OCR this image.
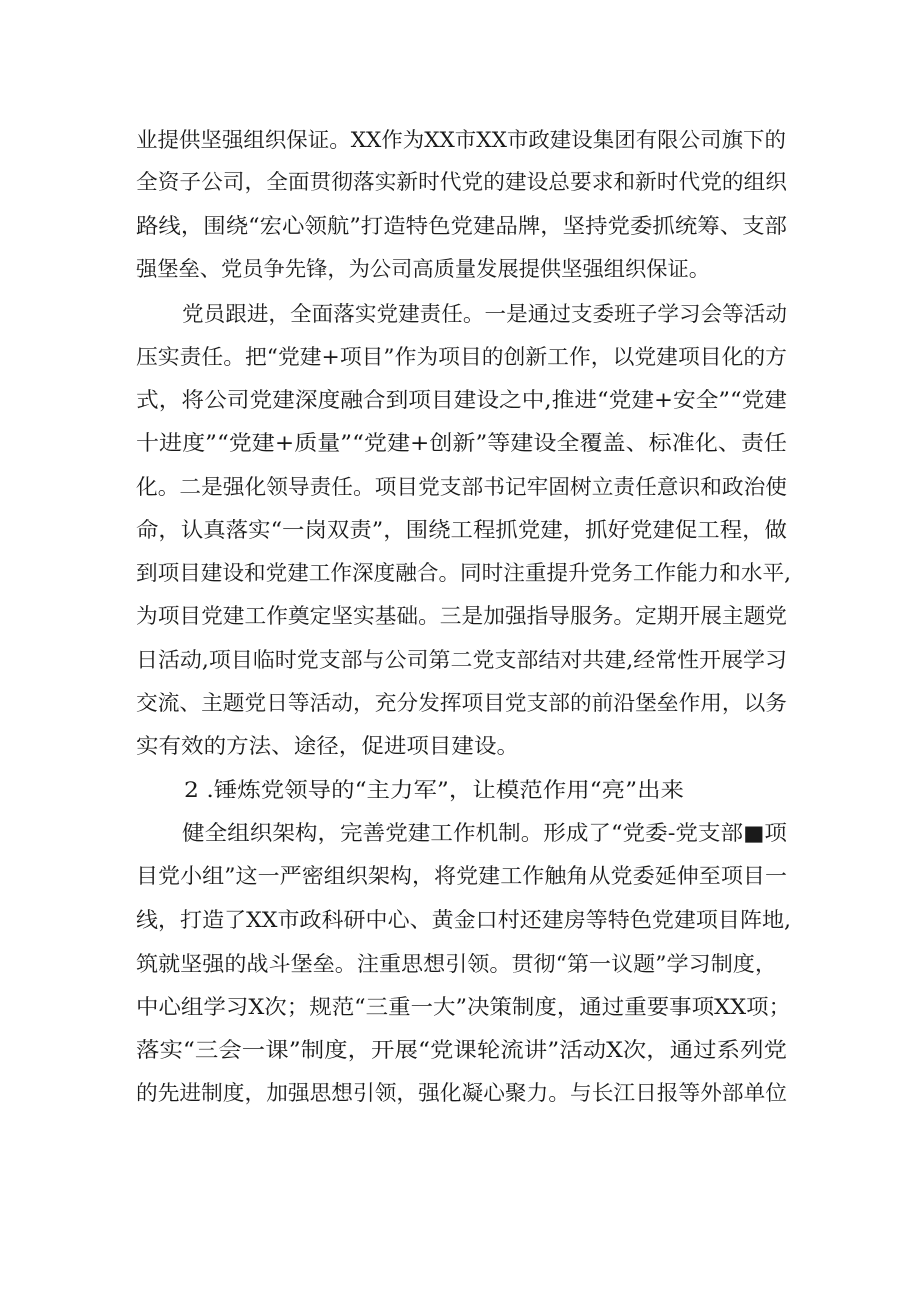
业提供坚强组织保证。XX作为XX市XX市政建设集团有限公司旗下的
全资子公司，全面贯彻落实新时代党的建设总要求和新时代党的组织
路线，围绕“宏心领航”打造特色党建品牌，坚持党委抓统筹、支部
强堡垒、党员争先锋，为公司高质量发展提供坚强组织保证。
党员跟进，全面落实党建责任。一是通过支委班子学习会等活动
压实责任。把“党建+项目”作为项目的创新工作，以党建项目化的方
式，将公司党建深度融合到项目建设之中,推进“党建+安全”“党建
十进度”“党建+质量”“党建+创新”等建设全覆盖、标准化、责任
化。二是强化领导责任。项目党支部书记牢固树立责任意识和政治使
命，认真落实“一岗双责”，围绕工程抓党建，抓好党建促工程，做
到项目建设和党建工作深度融合。同时注重提升党务工作能力和水平,
为项目党建工作奠定坚实基础。三是加强指导服务。定期开展主题党
日活动,项目临时党支部与公司第二党支部结对共建,经常性开展学习
交流、主题党日等活动，充分发挥项目党支部的前沿堡垒作用，以务
实有效的方法、途径，促进项目建设。
2 .锤炼党领导的“主力军”，让模范作用“亮”出来
健全组织架构，完善党建工作机制。形成了“党委-党支部■项
目党小组”这一严密组织架构，将党建工作触角从党委延伸至项目一
线，打造了XX市政科研中心、黄金口村还建房等特色党建项目阵地,
筑就坚强的战斗堡垒。注重思想引领。贯彻“第一议题”学习制度，
中心组学习X次；规范“三重一大”决策制度，通过重要事项XX项；
落实“三会一课”制度，开展“党课轮流讲”活动X次，通过系列党
的先进制度，加强思想引领，强化凝心聚力。与长江日报等外部单位
